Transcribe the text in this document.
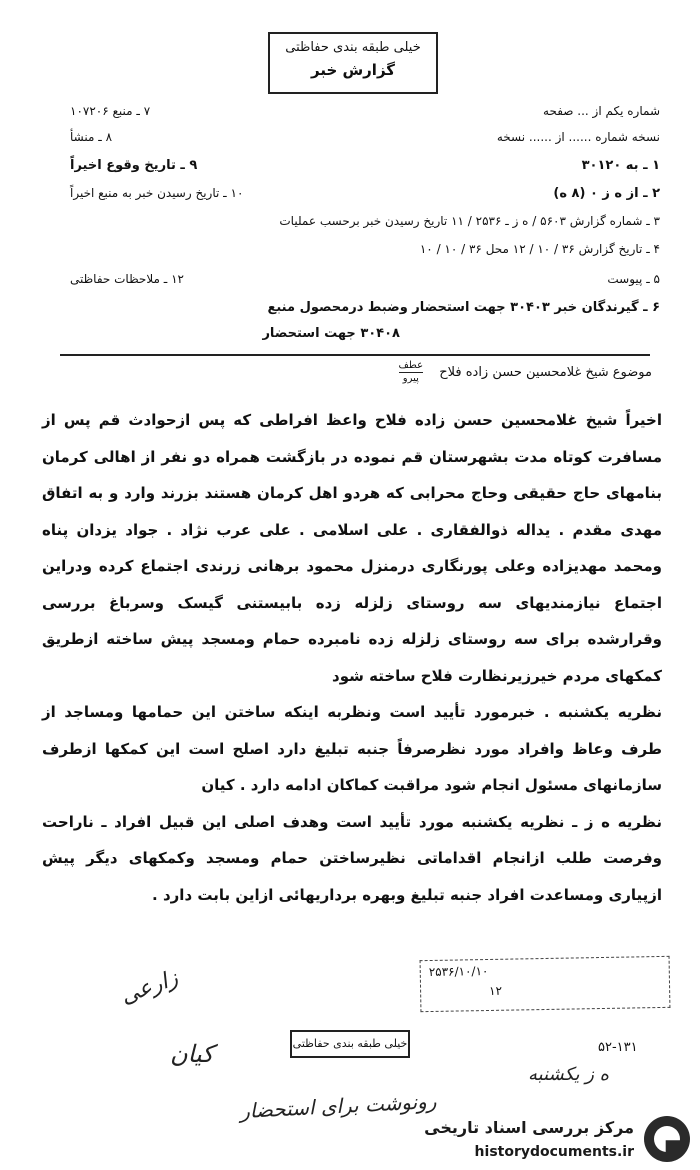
خیلی طبقه بندی حفاظتی
گزارش خبر
شماره یکم از ... صفحه
نسخه شماره ...... از ...... نسخه
۱ ـ به ۳۰۱۲۰
۲ ـ از ه ز ۰ (۸ ه)
۳ ـ شماره گزارش ۵۶۰۳ / ه ز ـ ۲۵۳۶ / ۱۱ تاریخ رسیدن خبر برحسب عملیات
۴ ـ تاریخ گزارش ۳۶ / ۱۰ / ۱۲ محل ۳۶ / ۱۰ / ۱۰
۵ ـ پیوست
۶ ـ گیرندگان خبر ۳۰۴۰۳ جهت استحضار وضبط درمحصول منبع
۳۰۴۰۸ جهت استحضار
۷ ـ منبع ۱۰۷۲۰۶
۸ ـ منشأ
۹ ـ تاریخ وقوع اخیراً
۱۰ ـ تاریخ رسیدن خبر به منبع اخیراً
۱۲ ـ ملاحظات حفاظتی
موضوع شیخ غلامحسین حسن زاده فلاح
$\frac{\text{عطف}}{\text{پیرو}}$

اخیراً شیخ غلامحسین حسن زاده فلاح واعظ افراطی که پس ازحوادث قم پس از مسافرت کوتاه مدت بشهرستان قم نموده در بازگشت همراه دو نفر از اهالی کرمان بنامهای حاج حقیقی وحاج محرابی که هردو اهل کرمان هستند بزرند وارد و به اتفاق مهدی مقدم . یداله ذوالفقاری . علی اسلامی . علی عرب نژاد . جواد یزدان پناه ومحمد مهدیزاده وعلی پورنگاری درمنزل محمود برهانی زرندی اجتماع کرده ودراین اجتماع نیازمندیهای سه روستای زلزله زده بابیستنی گیسک وسرباغ بررسی وقرارشده برای سه روستای زلزله زده نامبرده حمام ومسجد پیش ساخته ازطریق کمکهای مردم خیرزیرنظارت فلاح ساخته شود

نظریه یکشنبه . خبرمورد تأیید است ونظربه اینکه ساختن این حمامها ومساجد از طرف وعاظ وافراد مورد نظرصرفاً جنبه تبلیغ دارد اصلح است این کمکها ازطرف سازمانهای مسئول انجام شود مراقبت کماکان ادامه دارد . کیان

نظریه ه ز ـ نظریه یکشنبه مورد تأیید است وهدف اصلی این قبیل افراد ـ ناراحت وفرصت طلب ازانجام اقداماتی نظیرساختن حمام ومسجد وکمکهای دیگر پیش ازپیاری ومساعدت افراد جنبه تبلیغ وبهره برداریهائی ازاین بابت دارد .

۲۵۳۶/۱۰/۱۰
۱۲
زارعی
کیان	خیلی طبقه بندی حفاظتی	۵۲-۱۳۱
ه ز یکشنبه
رونوشت برای استحضار
مرکز بررسی اسناد تاریخی
historydocuments.ir
